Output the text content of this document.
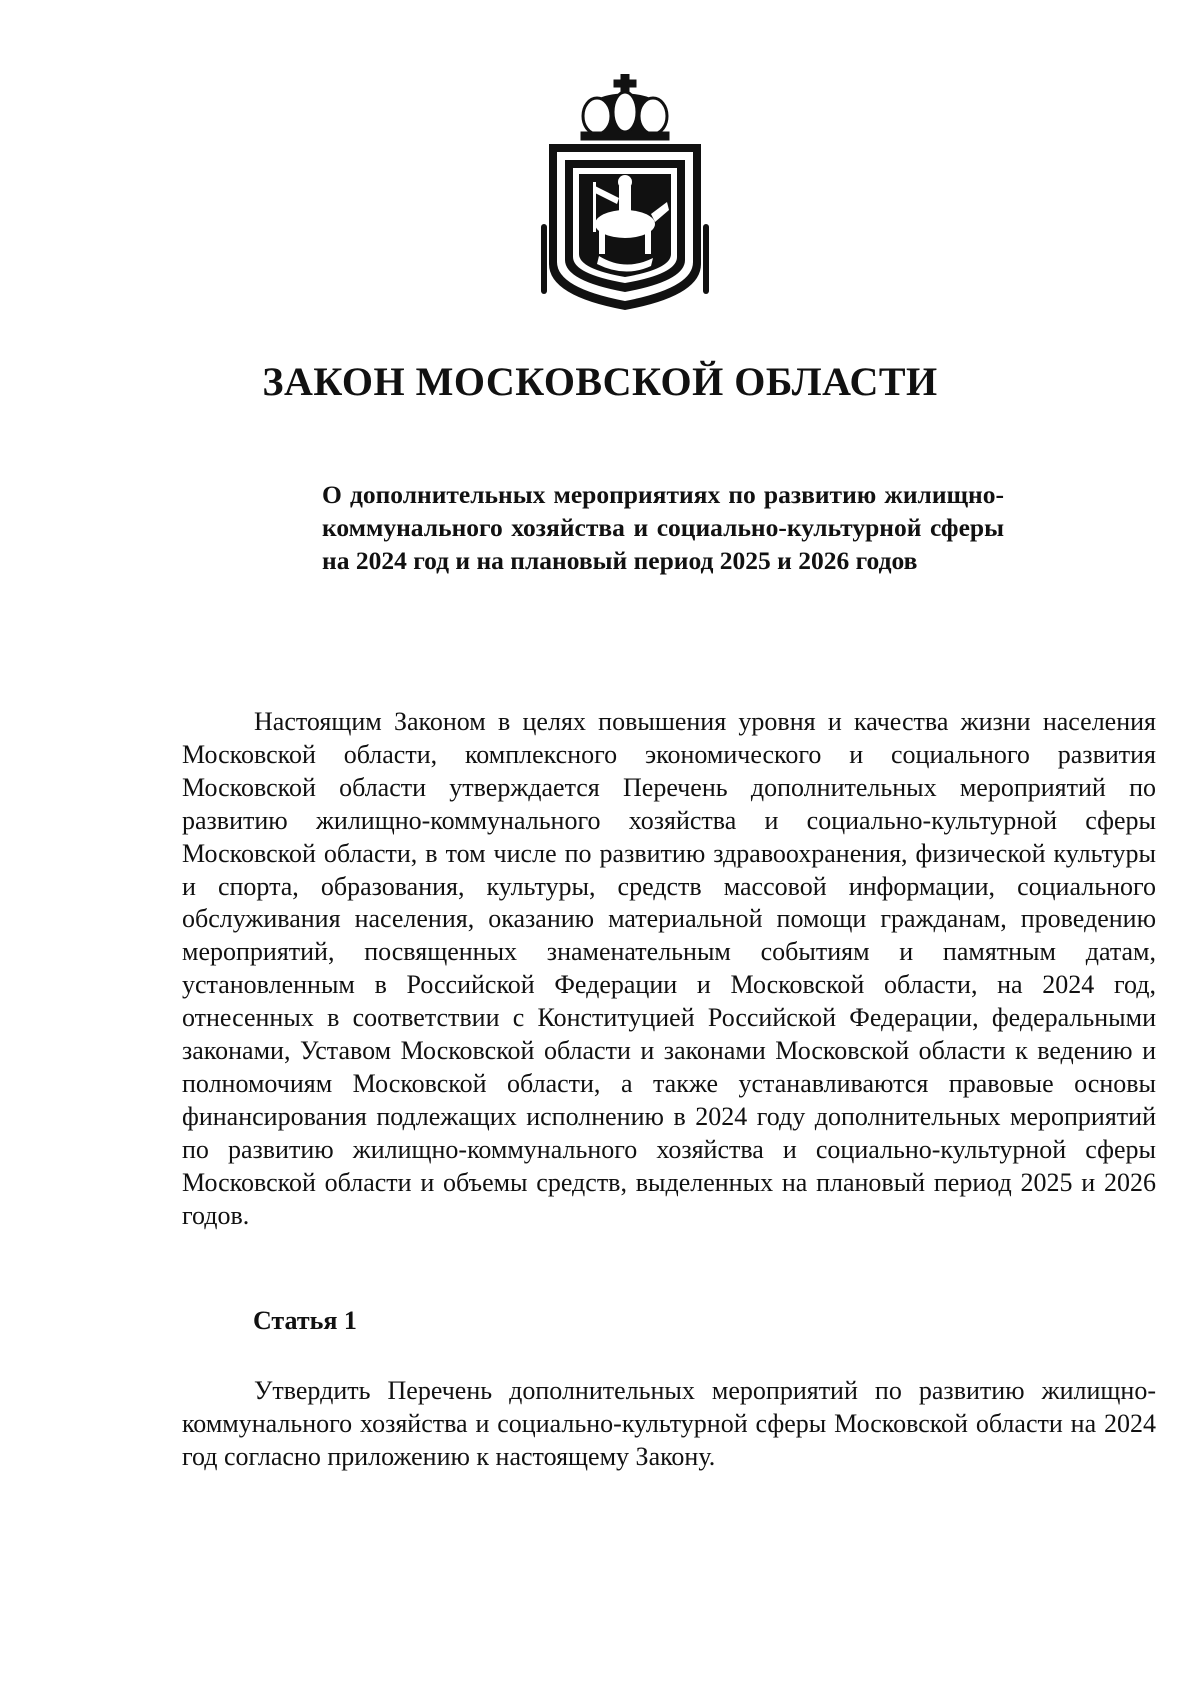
ЗАКОН МОСКОВСКОЙ ОБЛАСТИ

О дополнительных мероприятиях по развитию жилищно-коммунального хозяйства и социально-культурной сферы на 2024 год и на плановый период 2025 и 2026 годов

Настоящим Законом в целях повышения уровня и качества жизни населения Московской области, комплексного экономического и социального развития Московской области утверждается Перечень дополнительных мероприятий по развитию жилищно-коммунального хозяйства и социально-культурной сферы Московской области, в том числе по развитию здравоохранения, физической культуры и спорта, образования, культуры, средств массовой информации, социального обслуживания населения, оказанию материальной помощи гражданам, проведению мероприятий, посвященных знаменательным событиям и памятным датам, установленным в Российской Федерации и Московской области, на 2024 год, отнесенных в соответствии с Конституцией Российской Федерации, федеральными законами, Уставом Московской области и законами Московской области к ведению и полномочиям Московской области, а также устанавливаются правовые основы финансирования подлежащих исполнению в 2024 году дополнительных мероприятий по развитию жилищно-коммунального хозяйства и социально-культурной сферы Московской области и объемы средств, выделенных на плановый период 2025 и 2026 годов.

Статья 1

Утвердить Перечень дополнительных мероприятий по развитию жилищно-коммунального хозяйства и социально-культурной сферы Московской области на 2024 год согласно приложению к настоящему Закону.
